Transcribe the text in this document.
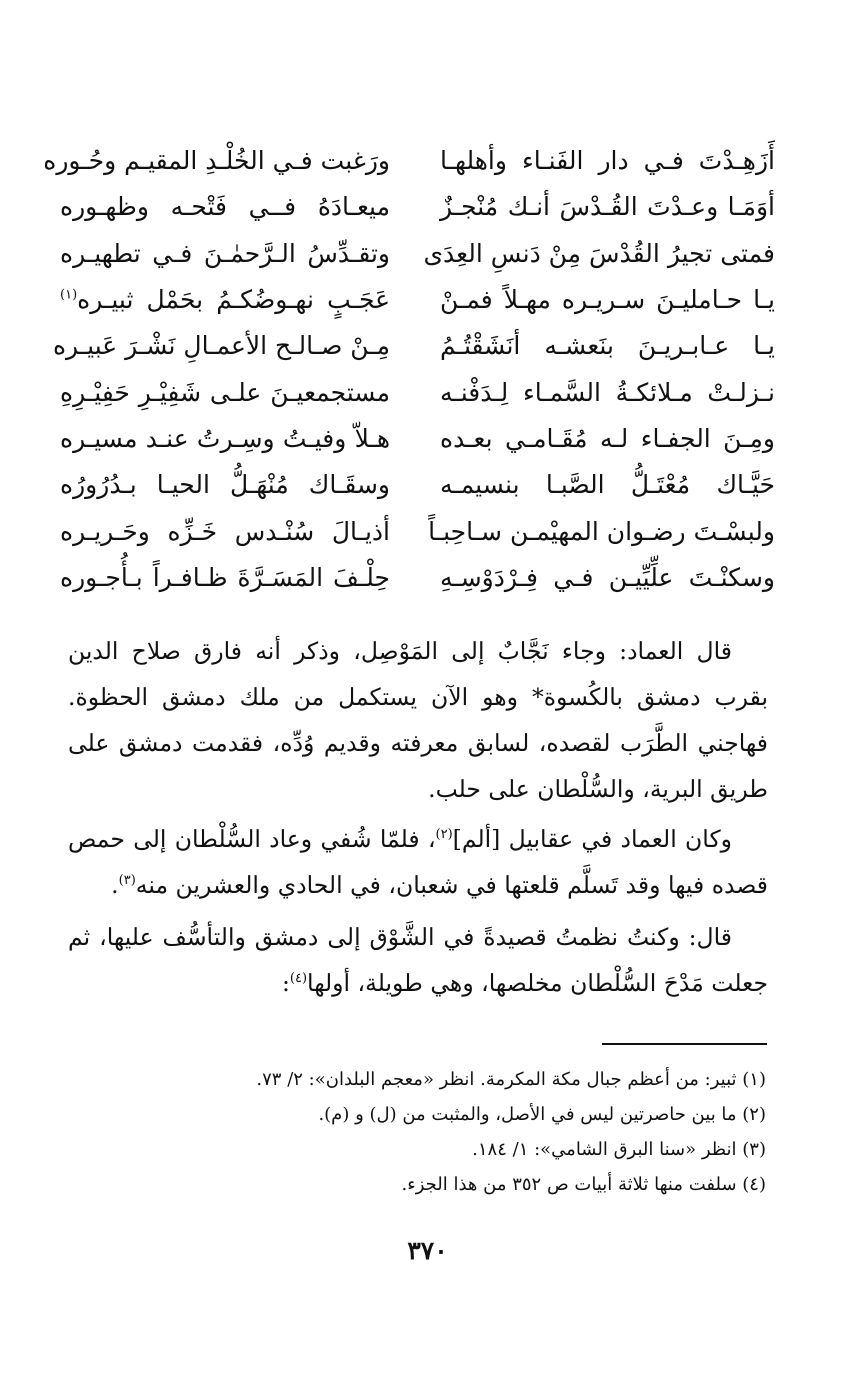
أَزَهِـدْتَ فـي دار الفَنـاء وأهلهـا
ورَغبت فـي الخُلْـدِ المقيـم وحُـوره
أوَمَـا وعـدْتَ القُـدْسَ أنـك مُنْجـزٌ
ميعـادَهُ فــي فَتْحـه وظهـوره
فمتى تجيرُ القُدْسَ مِنْ دَنسِ العِدَى
وتقـدِّسُ الـرَّحمٰـنَ فـي تطهيـره
يـا حـامليـنَ سـريـره مهـلاً فمـنْ
عَجَـبٍ نهـوضُكـمُ بحَمْل ثبيـره$^{(١)}$
يـا عـابـريـنَ بنَعشـه أنَشَقْتُـمُ
مِـنْ صـالـح الأعمـالِ نَشْـرَ عَبيـره
نـزلـتْ مـلائكـةُ السَّمـاء لِـدَفْنـه
مستجمعيـنَ علـى شَفِيْـرِ حَفِيْـرِهِ
ومِـنَ الجفـاء لـه مُقَـامـي بعـده
هـلاّ وفيـتُ وسِـرتُ عنـد مسيـره
حَيَّـاك مُعْتَـلُّ الصَّبـا بنسيمـه
وسقَـاك مُنْهَـلُّ الحيـا بـدُرُورُه
ولبسْـتَ رضـوان المهيْمـن سـاحِبـاً
أذيـالَ سُنْـدس خَـزِّه وحَـريـره
وسكنْـتَ علِّيِّيـن فـي فِـرْدَوْسِـهِ
حِلْـفَ المَسَـرَّةَ ظـافـراً بـأُجـوره

قال العماد: وجاء نَجَّابٌ إلى المَوْصِل، وذكر أنه فارق صلاح الدين بقرب دمشق بالكُسوة* وهو الآن يستكمل من ملك دمشق الحظوة. فهاجني الطَّرَب لقصده، لسابق معرفته وقديم وُدِّه، فقدمت دمشق على طريق البرية، والسُّلْطان على حلب.

وكان العماد في عقابيل [ألم]$^{(٢)}$، فلمّا شُفي وعاد السُّلْطان إلى حمص قصده فيها وقد تَسلَّم قلعتها في شعبان، في الحادي والعشرين منه$^{(٣)}$.

قال: وكنتُ نظمتُ قصيدةً في الشَّوْق إلى دمشق والتأسُّف عليها، ثم جعلت مَدْحَ السُّلْطان مخلصها، وهي طويلة، أولها$^{(٤)}$:

(١) ثبير: من أعظم جبال مكة المكرمة. انظر «معجم البلدان»: ٢/ ٧٣.

(٢) ما بين حاصرتين ليس في الأصل، والمثبت من (ل) و (م).

(٣) انظر «سنا البرق الشامي»: ١/ ١٨٤.

(٤) سلفت منها ثلاثة أبيات ص ٣٥٢ من هذا الجزء.

٣٧٠
